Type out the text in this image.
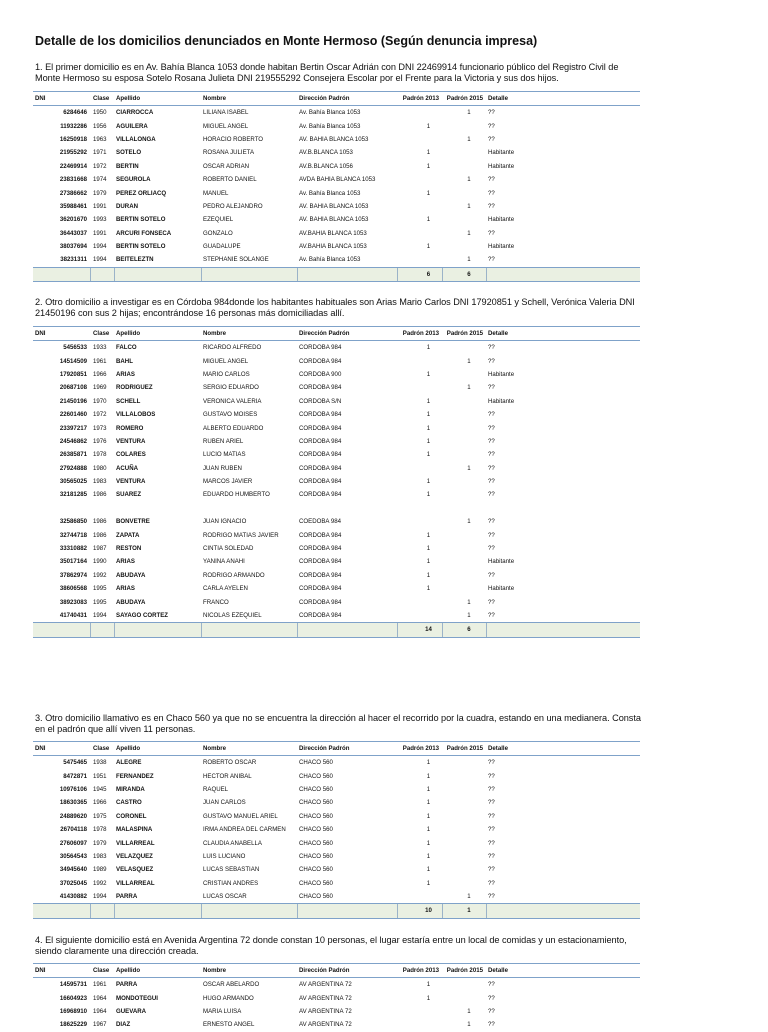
Detalle de los domicilios denunciados en Monte Hermoso (Según denuncia impresa)
1. El primer domicilio es en Av. Bahía Blanca 1053 donde habitan Bertin Oscar Adrián con DNI 22469914 funcionario público del Registro Civil de Monte Hermoso su esposa Sotelo Rosana Julieta DNI 219555292 Consejera Escolar por el Frente para la Victoria y sus dos hijos.
DNI	Clase	Apellido	Nombre	Dirección Padrón	Padrón 2013	Padrón 2015	Detalle
6284646	1950	CIARROCCA	LILIANA ISABEL	Av. Bahía Blanca 1053		1	??
11932286	1956	AGUILERA	MIGUEL ANGEL	Av. Bahía Blanca 1053	1		??
16250918	1963	VILLALONGA	HORACIO ROBERTO	AV. BAHIA BLANCA 1053		1	??
21955292	1971	SOTELO	ROSANA JULIETA	AV.B.BLANCA 1053	1		Habitante
22469914	1972	BERTIN	OSCAR ADRIAN	AV.B.BLANCA 1056	1		Habitante
23831668	1974	SEGUROLA	ROBERTO DANIEL	AVDA BAHIA BLANCA 1053		1	??
27386662	1979	PEREZ ORLIACQ	MANUEL	Av. Bahía Blanca 1053	1		??
35988461	1991	DURAN	PEDRO ALEJANDRO	AV. BAHIA BLANCA 1053		1	??
36201670	1993	BERTIN SOTELO	EZEQUIEL	AV. BAHIA BLANCA 1053	1		Habitante
36443037	1991	ARCURI FONSECA	GONZALO	AV.BAHIA BLANCA 1053		1	??
38037694	1994	BERTIN SOTELO	GUADALUPE	AV.BAHIA BLANCA 1053	1		Habitante
38231311	1994	BEITELEZTN	STEPHANIE SOLANGE	Av. Bahía Blanca 1053		1	??
					6	6	
2. Otro domicilio a investigar es en Córdoba 984donde los habitantes habituales son Arias Mario Carlos DNI 17920851 y Schell, Verónica Valeria DNI 21450196 con sus 2 hijas; encontrándose 16 personas más domiciliadas allí.
DNI	Clase	Apellido	Nombre	Dirección Padrón	Padrón 2013	Padrón 2015	Detalle
5456533	1933	FALCO	RICARDO ALFREDO	CORDOBA 984	1		??
14514509	1961	BAHL	MIGUEL ANGEL	CORDOBA 984		1	??
17920851	1966	ARIAS	MARIO CARLOS	CORDOBA 900	1		Habitante
20687108	1969	RODRIGUEZ	SERGIO EDUARDO	CORDOBA 984		1	??
21450196	1970	SCHELL	VERONICA VALERIA	CORDOBA S/N	1		Habitante
22601460	1972	VILLALOBOS	GUSTAVO MOISES	CORDOBA 984	1		??
23397217	1973	ROMERO	ALBERTO EDUARDO	CORDOBA 984	1		??
24546862	1976	VENTURA	RUBEN ARIEL	CORDOBA 984	1		??
26385871	1978	COLARES	LUCIO MATIAS	CORDOBA 984	1		??
27924888	1980	ACUÑA	JUAN RUBEN	CORDOBA 984		1	??
30565025	1983	VENTURA	MARCOS JAVIER	CORDOBA 984	1		??
32181285	1986	SUAREZ	EDUARDO HUMBERTO	CORDOBA 984	1		??

32586850	1986	BONVETRE	JUAN IGNACIO	COEDOBA 984		1	??
32744718	1986	ZAPATA	RODRIGO MATIAS JAVIER	CORDOBA 984	1		??
33310882	1987	RESTON	CINTIA SOLEDAD	CORDOBA 984	1		??
35017164	1990	ARIAS	YANINA ANAHI	CORDOBA 984	1		Habitante
37862974	1992	ABUDAYA	RODRIGO ARMANDO	CORDOBA 984	1		??
38606568	1995	ARIAS	CARLA AYELEN	CORDOBA 984	1		Habitante
38923083	1995	ABUDAYA	FRANCO	CORDOBA 984		1	??
41740431	1994	SAYAGO CORTEZ	NICOLAS EZEQUIEL	CORDOBA 984		1	??
					14	6	
3. Otro domicilio llamativo es en Chaco 560 ya que no se encuentra la dirección al hacer el recorrido por la cuadra, estando en una medianera. Consta en el padrón que allí viven 11 personas.
DNI	Clase	Apellido	Nombre	Dirección Padrón	Padrón 2013	Padrón 2015	Detalle
5475465	1938	ALEGRE	ROBERTO OSCAR	CHACO 560	1		??
8472871	1951	FERNANDEZ	HECTOR ANIBAL	CHACO 560	1		??
10976106	1945	MIRANDA	RAQUEL	CHACO 560	1		??
18630365	1966	CASTRO	JUAN CARLOS	CHACO 560	1		??
24889620	1975	CORONEL	GUSTAVO MANUEL ARIEL	CHACO 560	1		??
26704118	1978	MALASPINA	IRMA ANDREA DEL CARMEN	CHACO 560	1		??
27606097	1979	VILLARREAL	CLAUDIA ANABELLA	CHACO 560	1		??
30564543	1983	VELAZQUEZ	LUIS LUCIANO	CHACO 560	1		??
34945640	1989	VELASQUEZ	LUCAS SEBASTIAN	CHACO 560	1		??
37025045	1992	VILLARREAL	CRISTIAN ANDRES	CHACO 560	1		??
41430882	1994	PARRA	LUCAS OSCAR	CHACO 560		1	??
					10	1	
4. El siguiente domicilio está en Avenida Argentina 72 donde constan 10 personas, el lugar estaría entre un local de comidas y un estacionamiento, siendo claramente una dirección creada.
DNI	Clase	Apellido	Nombre	Dirección Padrón	Padrón 2013	Padrón 2015	Detalle
14595731	1961	PARRA	OSCAR ABELARDO	AV ARGENTINA 72	1		??
16604923	1964	MONDOTEGUI	HUGO ARMANDO	AV ARGENTINA 72	1		??
16968910	1964	GUEVARA	MARIA LUISA	AV ARGENTINA 72		1	??
18625229	1967	DIAZ	ERNESTO ANGEL	AV ARGENTINA 72		1	??
